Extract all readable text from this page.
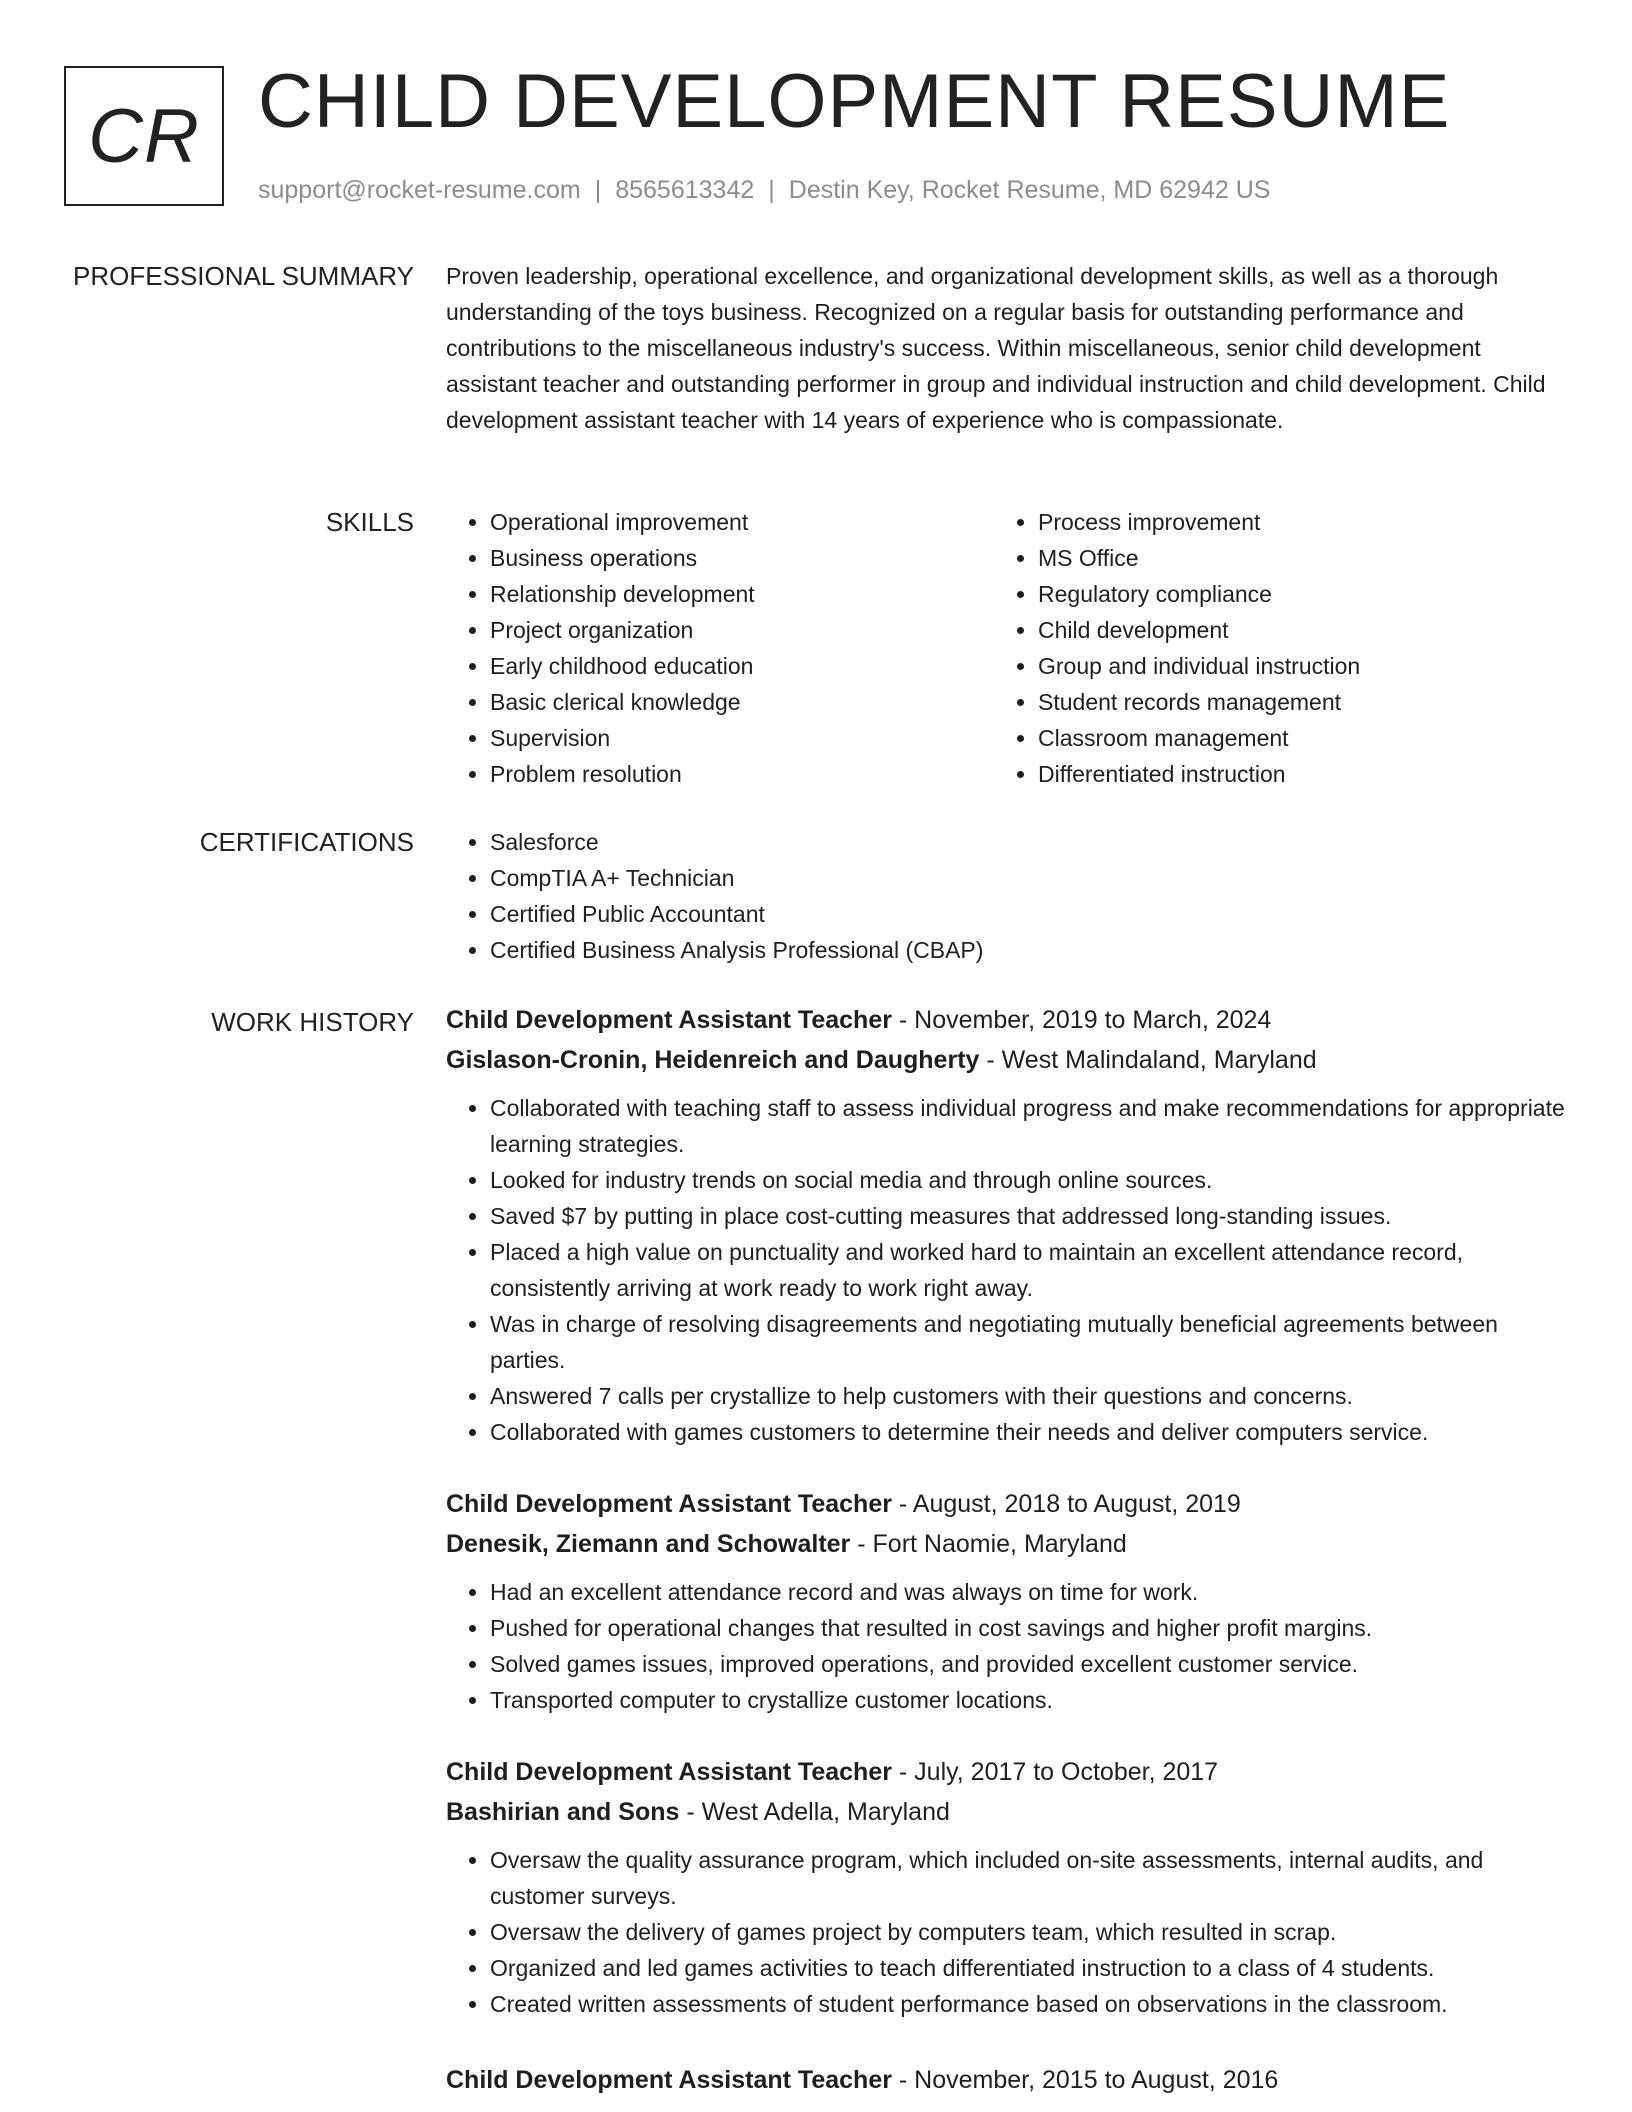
CR CHILD DEVELOPMENT RESUME
support@rocket-resume.com | 8565613342 | Destin Key, Rocket Resume, MD 62942 US
PROFESSIONAL SUMMARY Proven leadership, operational excellence, and organizational development skills, as well as a thorough understanding of the toys business. Recognized on a regular basis for outstanding performance and contributions to the miscellaneous industry's success. Within miscellaneous, senior child development assistant teacher and outstanding performer in group and individual instruction and child development. Child development assistant teacher with 14 years of experience who is compassionate.
SKILLS	• Operational improvement
• Business operations
• Relationship development
• Project organization
• Early childhood education
• Basic clerical knowledge
• Supervision
• Problem resolution
• Process improvement
• MS Office
• Regulatory compliance
• Child development
• Group and individual instruction
• Student records management
• Classroom management
• Differentiated instruction
CERTIFICATIONS	• Salesforce
• CompTIA A+ Technician
• Certified Public Accountant
• Certified Business Analysis Professional (CBAP)
WORK HISTORY Child Development Assistant Teacher - November, 2019 to March, 2024
Gislason-Cronin, Heidenreich and Daugherty - West Malindaland, Maryland
• Collaborated with teaching staff to assess individual progress and make recommendations for appropriate learning strategies.
• Looked for industry trends on social media and through online sources.
• Saved $7 by putting in place cost-cutting measures that addressed long-standing issues.
• Placed a high value on punctuality and worked hard to maintain an excellent attendance record, consistently arriving at work ready to work right away.
• Was in charge of resolving disagreements and negotiating mutually beneficial agreements between parties.
• Answered 7 calls per crystallize to help customers with their questions and concerns.
• Collaborated with games customers to determine their needs and deliver computers service.
Child Development Assistant Teacher - August, 2018 to August, 2019
Denesik, Ziemann and Schowalter - Fort Naomie, Maryland
• Had an excellent attendance record and was always on time for work.
• Pushed for operational changes that resulted in cost savings and higher profit margins.
• Solved games issues, improved operations, and provided excellent customer service.
• Transported computer to crystallize customer locations.
Child Development Assistant Teacher - July, 2017 to October, 2017
Bashirian and Sons - West Adella, Maryland
• Oversaw the quality assurance program, which included on-site assessments, internal audits, and customer surveys.
• Oversaw the delivery of games project by computers team, which resulted in scrap.
• Organized and led games activities to teach differentiated instruction to a class of 4 students.
• Created written assessments of student performance based on observations in the classroom.
Child Development Assistant Teacher - November, 2015 to August, 2016
